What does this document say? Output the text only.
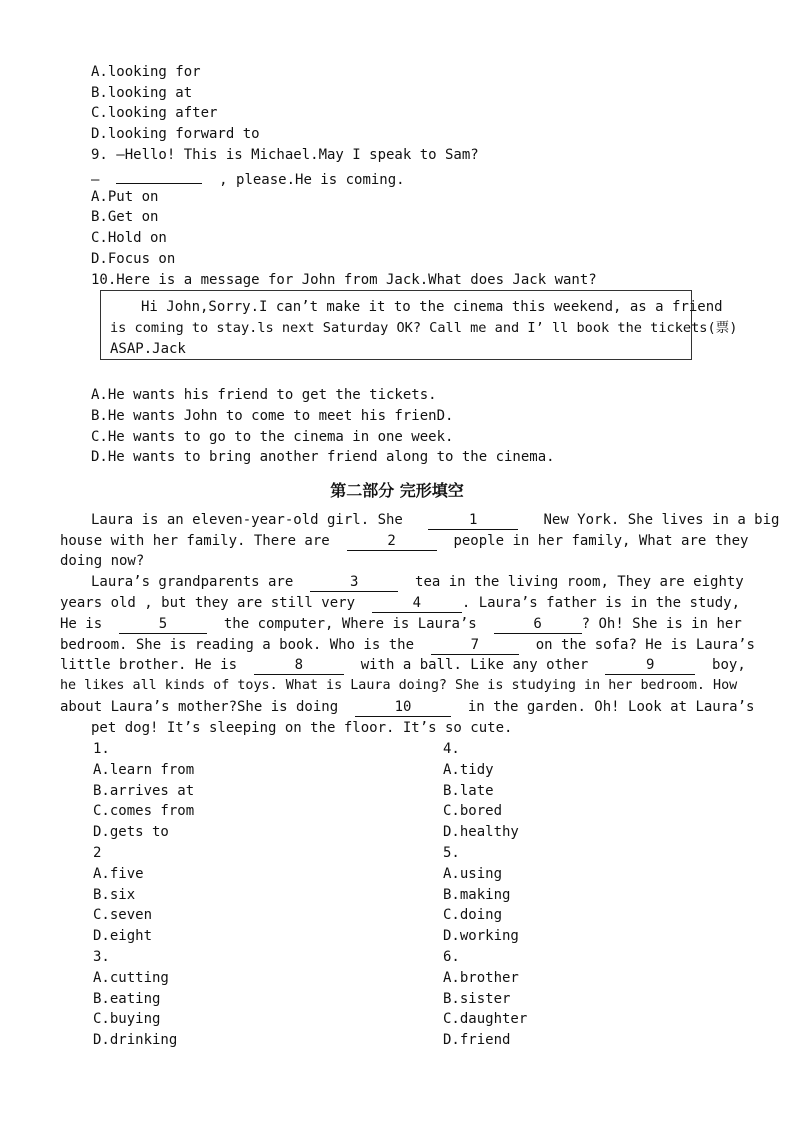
A.looking for
B.looking at
C.looking after
D.looking forward to
9. —Hello! This is Michael.May I speak to Sam?
—	, please.He is coming.
A.Put on
B.Get on
C.Hold on
D.Focus on
10.Here is a message for John from Jack.What does Jack want?
Hi John,Sorry.I can’t make it to the cinema this weekend, as a friend
is coming to stay.ls next Saturday OK? Call me and I’ ll book the tickets(票)
ASAP.Jack
A.He wants his friend to get the tickets.
B.He wants John to come to meet his frienD.
C.He wants to go to the cinema in one week.
D.He wants to bring another friend along to the cinema.
第二部分 完形填空
Laura is an eleven-year-old girl. She	1	New York. She lives in a big
house with her family. There are	2	people in her family, What are they
doing now?
Laura’s grandparents are	3	tea in the living room, They are eighty
years old , but they are still very	4	. Laura’s father is in the study,
He is	5	the computer, Where is Laura’s	6	? Oh! She is in her
bedroom. She is reading a book. Who is the	7	on the sofa? He is Laura’s
little brother. He is	8	with a ball. Like any other	9	boy,
he likes all kinds of toys. What is Laura doing? She is studying in her bedroom. How
about Laura’s mother?She is doing	10	in the garden. Oh! Look at Laura’s
pet dog! It’s sleeping on the floor. It’s so cute.
1.
A.learn from
B.arrives at
C.comes from
D.gets to
2
A.five
B.six
C.seven
D.eight
3.
A.cutting
B.eating
C.buying
D.drinking
4.
A.tidy
B.late
C.bored
D.healthy
5.
A.using
B.making
C.doing
D.working
6.
A.brother
B.sister
C.daughter
D.friend
